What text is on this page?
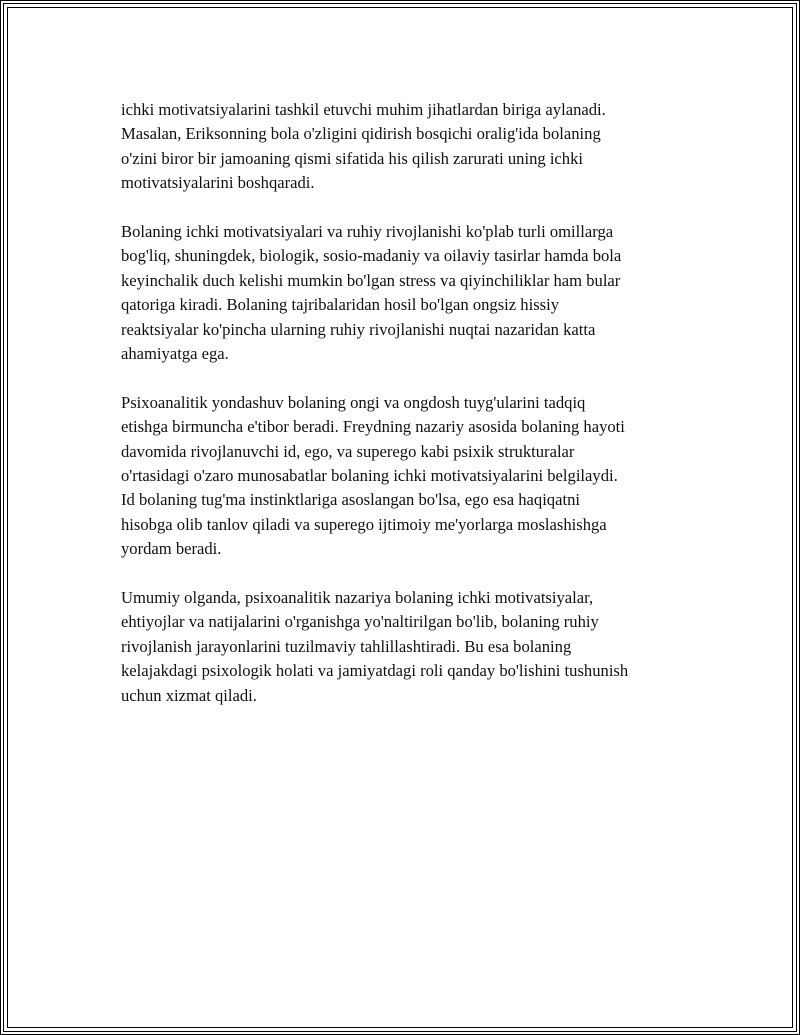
ichki motivatsiyalarini tashkil etuvchi muhim jihatlardan biriga aylanadi.
Masalan, Eriksonning bola o'zligini qidirish bosqichi oralig'ida bolaning
o'zini biror bir jamoaning qismi sifatida his qilish zarurati uning ichki
motivatsiyalarini boshqaradi.

Bolaning ichki motivatsiyalari va ruhiy rivojlanishi ko'plab turli omillarga
bog'liq, shuningdek, biologik, sosio-madaniy va oilaviy tasirlar hamda bola
keyinchalik duch kelishi mumkin bo'lgan stress va qiyinchiliklar ham bular
qatoriga kiradi. Bolaning tajribalaridan hosil bo'lgan ongsiz hissiy
reaktsiyalar ko'pincha ularning ruhiy rivojlanishi nuqtai nazaridan katta
ahamiyatga ega.

Psixoanalitik yondashuv bolaning ongi va ongdosh tuyg'ularini tadqiq
etishga birmuncha e'tibor beradi. Freydning nazariy asosida bolaning hayoti
davomida rivojlanuvchi id, ego, va superego kabi psixik strukturalar
o'rtasidagi o'zaro munosabatlar bolaning ichki motivatsiyalarini belgilaydi.
Id bolaning tug'ma instinktlariga asoslangan bo'lsa, ego esa haqiqatni
hisobga olib tanlov qiladi va superego ijtimoiy me'yorlarga moslashishga
yordam beradi.

Umumiy olganda, psixoanalitik nazariya bolaning ichki motivatsiyalar,
ehtiyojlar va natijalarini o'rganishga yo'naltirilgan bo'lib, bolaning ruhiy
rivojlanish jarayonlarini tuzilmaviy tahlillashtiradi. Bu esa bolaning
kelajakdagi psixologik holati va jamiyatdagi roli qanday bo'lishini tushunish
uchun xizmat qiladi.
